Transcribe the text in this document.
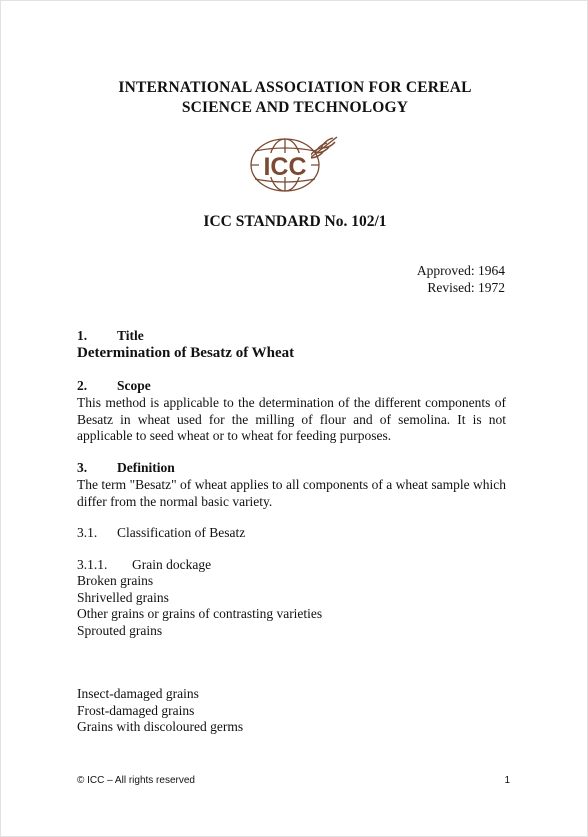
INTERNATIONAL ASSOCIATION FOR CEREAL
SCIENCE AND TECHNOLOGY
ICC
ICC STANDARD No. 102/1
Approved: 1964
Revised: 1972
1. Title
Determination of Besatz of Wheat
2. Scope
This method is applicable to the determination of the different components of Besatz in wheat used for the milling of flour and of semolina. It is not applicable to seed wheat or to wheat for feeding purposes.
3. Definition
The term "Besatz" of wheat applies to all components of a wheat sample which differ from the normal basic variety.
3.1. Classification of Besatz
3.1.1. Grain dockage
Broken grains
Shrivelled grains
Other grains or grains of contrasting varieties
Sprouted grains
Insect-damaged grains
Frost-damaged grains
Grains with discoloured germs
© ICC – All rights reserved	1
